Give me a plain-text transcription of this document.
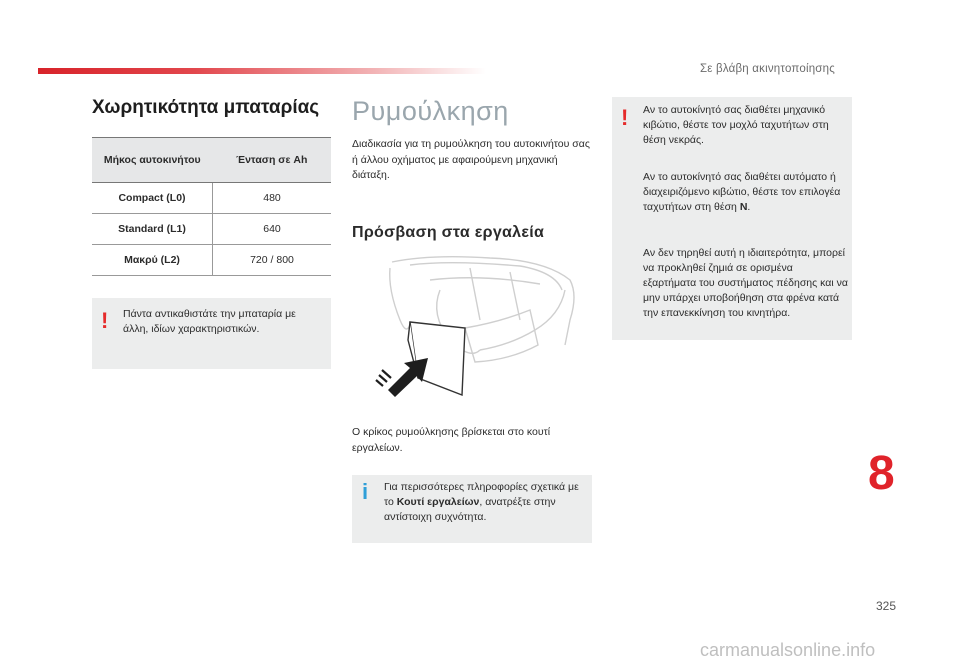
Σε βλάβη ακινητοποίησης
Χωρητικότητα μπαταρίας
Μήκος αυτοκινήτου	Ένταση σε Ah
Compact (L0)	480
Standard (L1)	640
Μακρύ (L2)	720 / 800
! Πάντα αντικαθιστάτε την μπαταρία με άλλη, ιδίων χαρακτηριστικών.
Ρυμούλκηση
Διαδικασία για τη ρυμούλκηση του αυτοκινήτου σας ή άλλου οχήματος με αφαιρούμενη μηχανική διάταξη.
Πρόσβαση στα εργαλεία
Ο κρίκος ρυμούλκησης βρίσκεται στο κουτί εργαλείων.
i Για περισσότερες πληροφορίες σχετικά με το Κουτί εργαλείων, ανατρέξτε στην αντίστοιχη συχνότητα.
! Αν το αυτοκίνητό σας διαθέτει μηχανικό κιβώτιο, θέστε τον μοχλό ταχυτήτων στη θέση νεκράς.
Αν το αυτοκίνητό σας διαθέτει αυτόματο ή διαχειριζόμενο κιβώτιο, θέστε τον επιλογέα ταχυτήτων στη θέση N.
Αν δεν τηρηθεί αυτή η ιδιαιτερότητα, μπορεί να προκληθεί ζημιά σε ορισμένα εξαρτήματα του συστήματος πέδησης και να μην υπάρχει υποβοήθηση στα φρένα κατά την επανεκκίνηση του κινητήρα.
8
325
carmanualsonline.info
